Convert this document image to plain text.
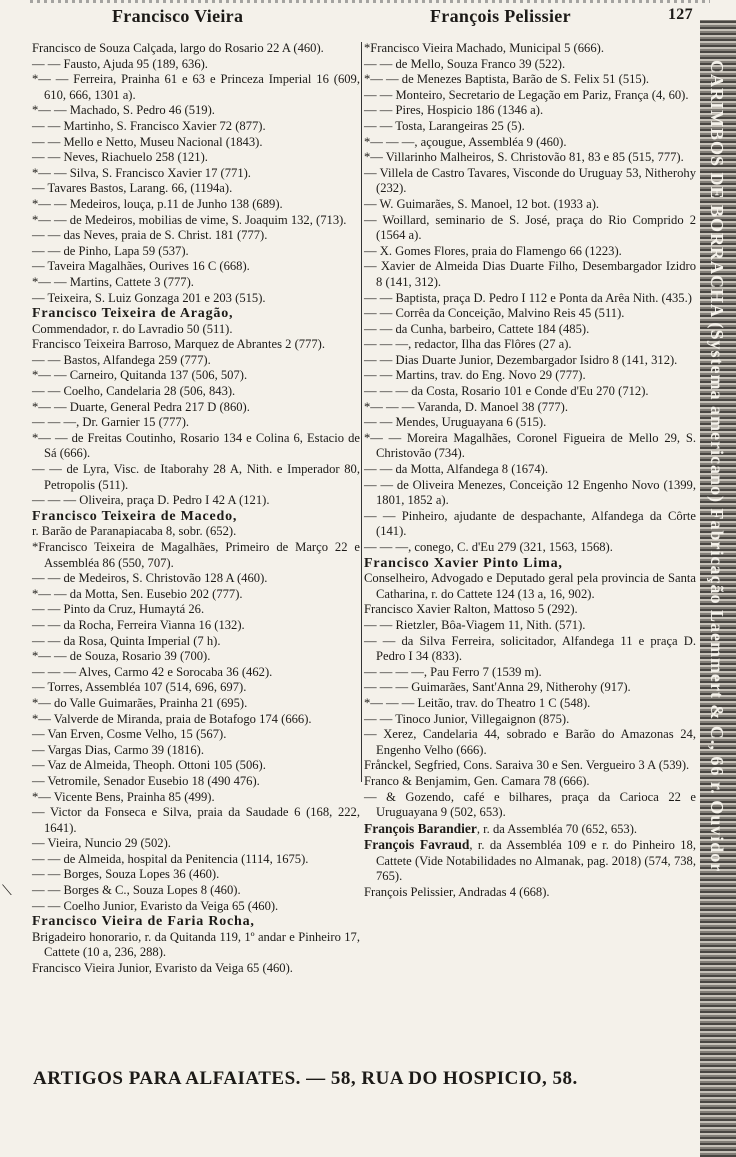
Francisco Vieira	François Pelissier	127

Francisco de Souza Calçada, largo do Rosario 22 A (460).

— — Fausto, Ajuda 95 (189, 636).

*— — Ferreira, Prainha 61 e 63 e Princeza Imperial 16 (609, 610, 666, 1301 a).

*— — Machado, S. Pedro 46 (519).

— — Martinho, S. Francisco Xavier 72 (877).

— — Mello e Netto, Museu Nacional (1843).

— — Neves, Riachuelo 258 (121).

*— — Silva, S. Francisco Xavier 17 (771).

— Tavares Bastos, Larang. 66, (1194a).

*— — Medeiros, louça, p.11 de Junho 138 (689).

*— — de Medeiros, mobilias de vime, S. Joaquim 132, (713).

— — das Neves, praia de S. Christ. 181 (777).

— — de Pinho, Lapa 59 (537).

— Taveira Magalhães, Ourives 16 C (668).

*— — Martins, Cattete 3 (777).

— Teixeira, S. Luiz Gonzaga 201 e 203 (515).

Francisco Teixeira de Aragão,

Commendador, r. do Lavradio 50 (511).

Francisco Teixeira Barroso, Marquez de Abrantes 2 (777).

— — Bastos, Alfandega 259 (777).

*— — Carneiro, Quitanda 137 (506, 507).

— — Coelho, Candelaria 28 (506, 843).

*— — Duarte, General Pedra 217 D (860).

— — —, Dr. Garnier 15 (777).

*— — de Freitas Coutinho, Rosario 134 e Colina 6, Estacio de Sá (666).

— — de Lyra, Visc. de Itaborahy 28 A, Nith. e Imperador 80, Petropolis (511).

— — — Oliveira, praça D. Pedro I 42 A (121).

Francisco Teixeira de Macedo,

r. Barão de Paranapiacaba 8, sobr. (652).

*Francisco Teixeira de Magalhães, Primeiro de Março 22 e Assembléa 86 (550, 707).

— — de Medeiros, S. Christovão 128 A (460).

*— — da Motta, Sen. Eusebio 202 (777).

— — Pinto da Cruz, Humaytá 26.

— — da Rocha, Ferreira Vianna 16 (132).

— — da Rosa, Quinta Imperial (7 h).

*— — de Souza, Rosario 39 (700).

— — — Alves, Carmo 42 e Sorocaba 36 (462).

— Torres, Assembléa 107 (514, 696, 697).

*— do Valle Guimarães, Prainha 21 (695).

*— Valverde de Miranda, praia de Botafogo 174 (666).

— Van Erven, Cosme Velho, 15 (567).

— Vargas Dias, Carmo 39 (1816).

— Vaz de Almeida, Theoph. Ottoni 105 (506).

— Vetromile, Senador Eusebio 18 (490 476).

*— Vicente Bens, Prainha 85 (499).

— Victor da Fonseca e Silva, praia da Saudade 6 (168, 222, 1641).

— Vieira, Nuncio 29 (502).

— — de Almeida, hospital da Penitencia (1114, 1675).

— — Borges, Souza Lopes 36 (460).

— — Borges & C., Souza Lopes 8 (460).

— — Coelho Junior, Evaristo da Veiga 65 (460).

Francisco Vieira de Faria Rocha,

Brigadeiro honorario, r. da Quitanda 119, 1º andar e Pinheiro 17, Cattete (10 a, 236, 288).

Francisco Vieira Junior, Evaristo da Veiga 65 (460).

*Francisco Vieira Machado, Municipal 5 (666).

— — de Mello, Souza Franco 39 (522).

*— — de Menezes Baptista, Barão de S. Felix 51 (515).

— — Monteiro, Secretario de Legação em Pariz, França (4, 60).

— — Pires, Hospicio 186 (1346 a).

— — Tosta, Larangeiras 25 (5).

*— — —, açougue, Assembléa 9 (460).

*— Villarinho Malheiros, S. Christovão 81, 83 e 85 (515, 777).

— Villela de Castro Tavares, Visconde do Uruguay 53, Nitherohy (232).

— W. Guimarães, S. Manoel, 12 bot. (1933 a).

— Woillard, seminario de S. José, praça do Rio Comprido 2 (1564 a).

— X. Gomes Flores, praia do Flamengo 66 (1223).

— Xavier de Almeida Dias Duarte Filho, Desembargador Izidro 8 (141, 312).

— — Baptista, praça D. Pedro I 112 e Ponta da Arêa Nith. (435.)

— — Corrêa da Conceição, Malvino Reis 45 (511).

— — da Cunha, barbeiro, Cattete 184 (485).

— — —, redactor, Ilha das Flôres (27 a).

— — Dias Duarte Junior, Dezembargador Isidro 8 (141, 312).

— — Martins, trav. do Eng. Novo 29 (777).

— — — da Costa, Rosario 101 e Conde d'Eu 270 (712).

*— — — Varanda, D. Manoel 38 (777).

— — Mendes, Uruguayana 6 (515).

*— — Moreira Magalhães, Coronel Figueira de Mello 29, S. Christovão (734).

— — da Motta, Alfandega 8 (1674).

— — de Oliveira Menezes, Conceição 12 Engenho Novo (1399, 1801, 1852 a).

— — Pinheiro, ajudante de despachante, Alfandega da Côrte (141).

— — —, conego, C. d'Eu 279 (321, 1563, 1568).

Francisco Xavier Pinto Lima,

Conselheiro, Advogado e Deputado geral pela provincia de Santa Catharina, r. do Cattete 124 (13 a, 16, 902).

Francisco Xavier Ralton, Mattoso 5 (292).

— — Rietzler, Bôa-Viagem 11, Nith. (571).

— — da Silva Ferreira, solicitador, Alfandega 11 e praça D. Pedro I 34 (833).

— — — —, Pau Ferro 7 (1539 m).

— — — Guimarães, Sant'Anna 29, Nitherohy (917).

*— — — Leitão, trav. do Theatro 1 C (548).

— — Tinoco Junior, Villegaignon (875).

— Xerez, Candelaria 44, sobrado e Barão do Amazonas 24, Engenho Velho (666).

Frånckel, Segfried, Cons. Saraiva 30 e Sen. Vergueiro 3 A (539).

Franco & Benjamim, Gen. Camara 78 (666).

— & Gozendo, café e bilhares, praça da Carioca 22 e Uruguayana 9 (502, 653).

François Barandier, r. da Assembléa 70 (652, 653).

François Favraud, r. da Assembléa 109 e r. do Pinheiro 18, Cattete (Vide Notabilidades no Almanak, pag. 2018) (574, 738, 765).

François Pelissier, Andradas 4 (668).

ARTIGOS PARA ALFAIATES. — 58, RUA DO HOSPICIO, 58.
CARIMBOS DE BORRACHA (Systema americano) Fabricação Laemmert & C., 66 r. Ouvidor
⟍
